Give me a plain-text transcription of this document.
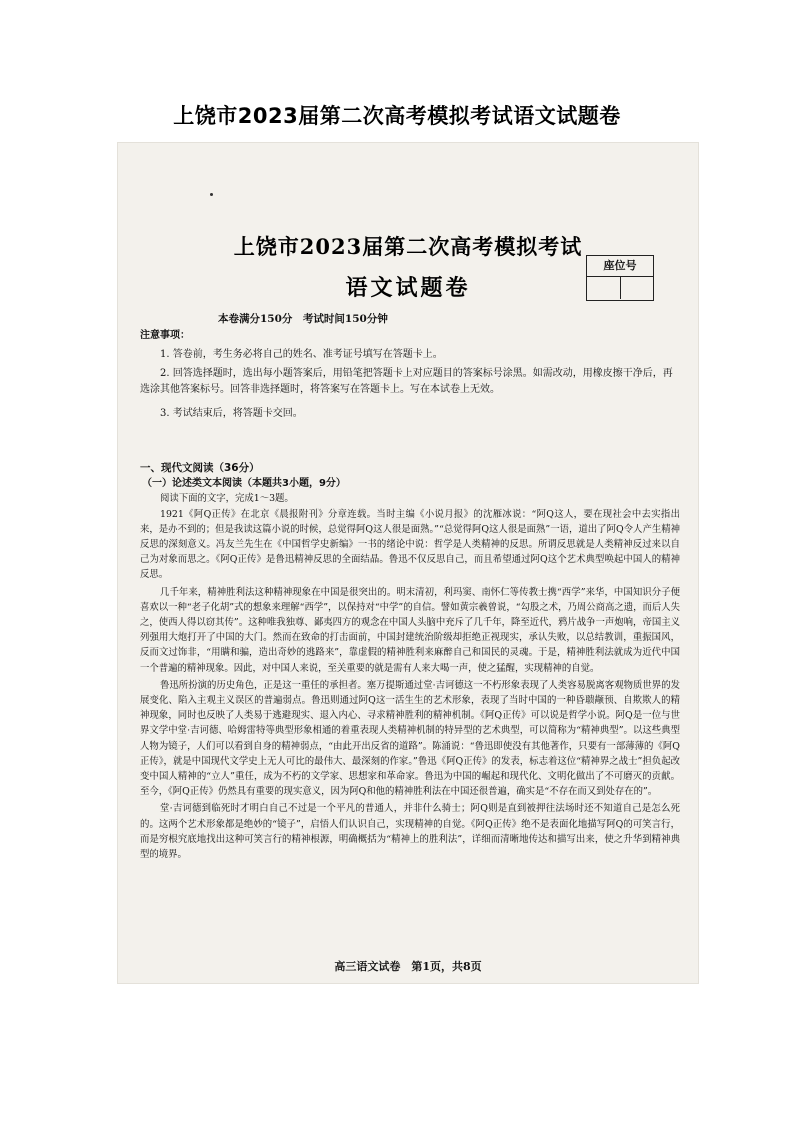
上饶市2023届第二次高考模拟考试语文试题卷
上饶市2023届第二次高考模拟考试
语文试题卷
座位号
本卷满分150分　考试时间150分钟
注意事项：

1. 答卷前，考生务必将自己的姓名、准考证号填写在答题卡上。

2. 回答选择题时，选出每小题答案后，用铅笔把答题卡上对应题目的答案标号涂黑。如需改动，用橡皮擦干净后，再选涂其他答案标号。回答非选择题时，将答案写在答题卡上。写在本试卷上无效。

3. 考试结束后，将答题卡交回。

一、现代文阅读（36分）

（一）论述类文本阅读（本题共3小题，9分）

阅读下面的文字，完成1～3题。

1921《阿Q正传》在北京《晨报附刊》分章连载。当时主编《小说月报》的沈雁冰说：“阿Q这人，要在现社会中去实指出来，是办不到的；但是我读这篇小说的时候，总觉得阿Q这人很是面熟。”“总觉得阿Q这人很是面熟”一语，道出了阿Q令人产生精神反思的深刻意义。冯友兰先生在《中国哲学史新编》一书的绪论中说：哲学是人类精神的反思。所谓反思就是人类精神反过来以自己为对象而思之。《阿Q正传》是鲁迅精神反思的全面结晶。鲁迅不仅反思自己，而且希望通过阿Q这个艺术典型唤起中国人的精神反思。

几千年来，精神胜利法这种精神现象在中国是很突出的。明末清初，利玛窦、南怀仁等传教士携“西学”来华，中国知识分子便喜欢以一种“老子化胡”式的想象来理解“西学”，以保持对“中学”的自信。譬如黄宗羲曾说，“勾股之术，乃周公商高之遗，而后人失之，使西人得以窃其传”。这种唯我独尊、鄙夷四方的观念在中国人头脑中充斥了几千年，降至近代，鸦片战争一声炮响，帝国主义列强用大炮打开了中国的大门。然而在致命的打击面前，中国封建统治阶级却拒绝正视现实，承认失败，以总结教训，重振国风，反而文过饰非，“用瞒和骗，造出奇妙的逃路来”，靠虚假的精神胜利来麻醉自己和国民的灵魂。于是，精神胜利法就成为近代中国一个普遍的精神现象。因此，对中国人来说，至关重要的就是需有人来大喝一声，使之猛醒，实现精神的自觉。

鲁迅所扮演的历史角色，正是这一重任的承担者。塞万提斯通过堂·吉诃德这一不朽形象表现了人类容易脱离客观物质世界的发展变化、陷入主观主义误区的普遍弱点。鲁迅则通过阿Q这一活生生的艺术形象，表现了当时中国的一种昏聩颟顸、自欺欺人的精神现象，同时也反映了人类易于逃避现实、退入内心、寻求精神胜利的精神机制。《阿Q正传》可以说是哲学小说。阿Q是一位与世界文学中堂·吉诃德、哈姆雷特等典型形象相通的着重表现人类精神机制的特异型的艺术典型，可以简称为“精神典型”。以这些典型人物为镜子，人们可以看到自身的精神弱点，“由此开出反省的道路”。陈涌说：“鲁迅即使没有其他著作，只要有一部薄薄的《阿Q正传》，就是中国现代文学史上无人可比的最伟大、最深刻的作家。”鲁迅《阿Q正传》的发表，标志着这位“精神界之战士”担负起改变中国人精神的“立人”重任，成为不朽的文学家、思想家和革命家。鲁迅为中国的崛起和现代化、文明化做出了不可磨灭的贡献。至今，《阿Q正传》仍然具有重要的现实意义，因为阿Q和他的精神胜利法在中国还很普遍，确实是“不存在而又到处存在的”。

堂·吉诃德到临死时才明白自己不过是一个平凡的普通人，并非什么骑士；阿Q则是直到被押往法场时还不知道自己是怎么死的。这两个艺术形象都是绝妙的“镜子”，启悟人们认识自己，实现精神的自觉。《阿Q正传》绝不是表面化地描写阿Q的可笑言行，而是穷根究底地找出这种可笑言行的精神根源，明确概括为“精神上的胜利法”，详细而清晰地传达和描写出来，使之升华到精神典型的境界。

高三语文试卷　第1页，共8页
